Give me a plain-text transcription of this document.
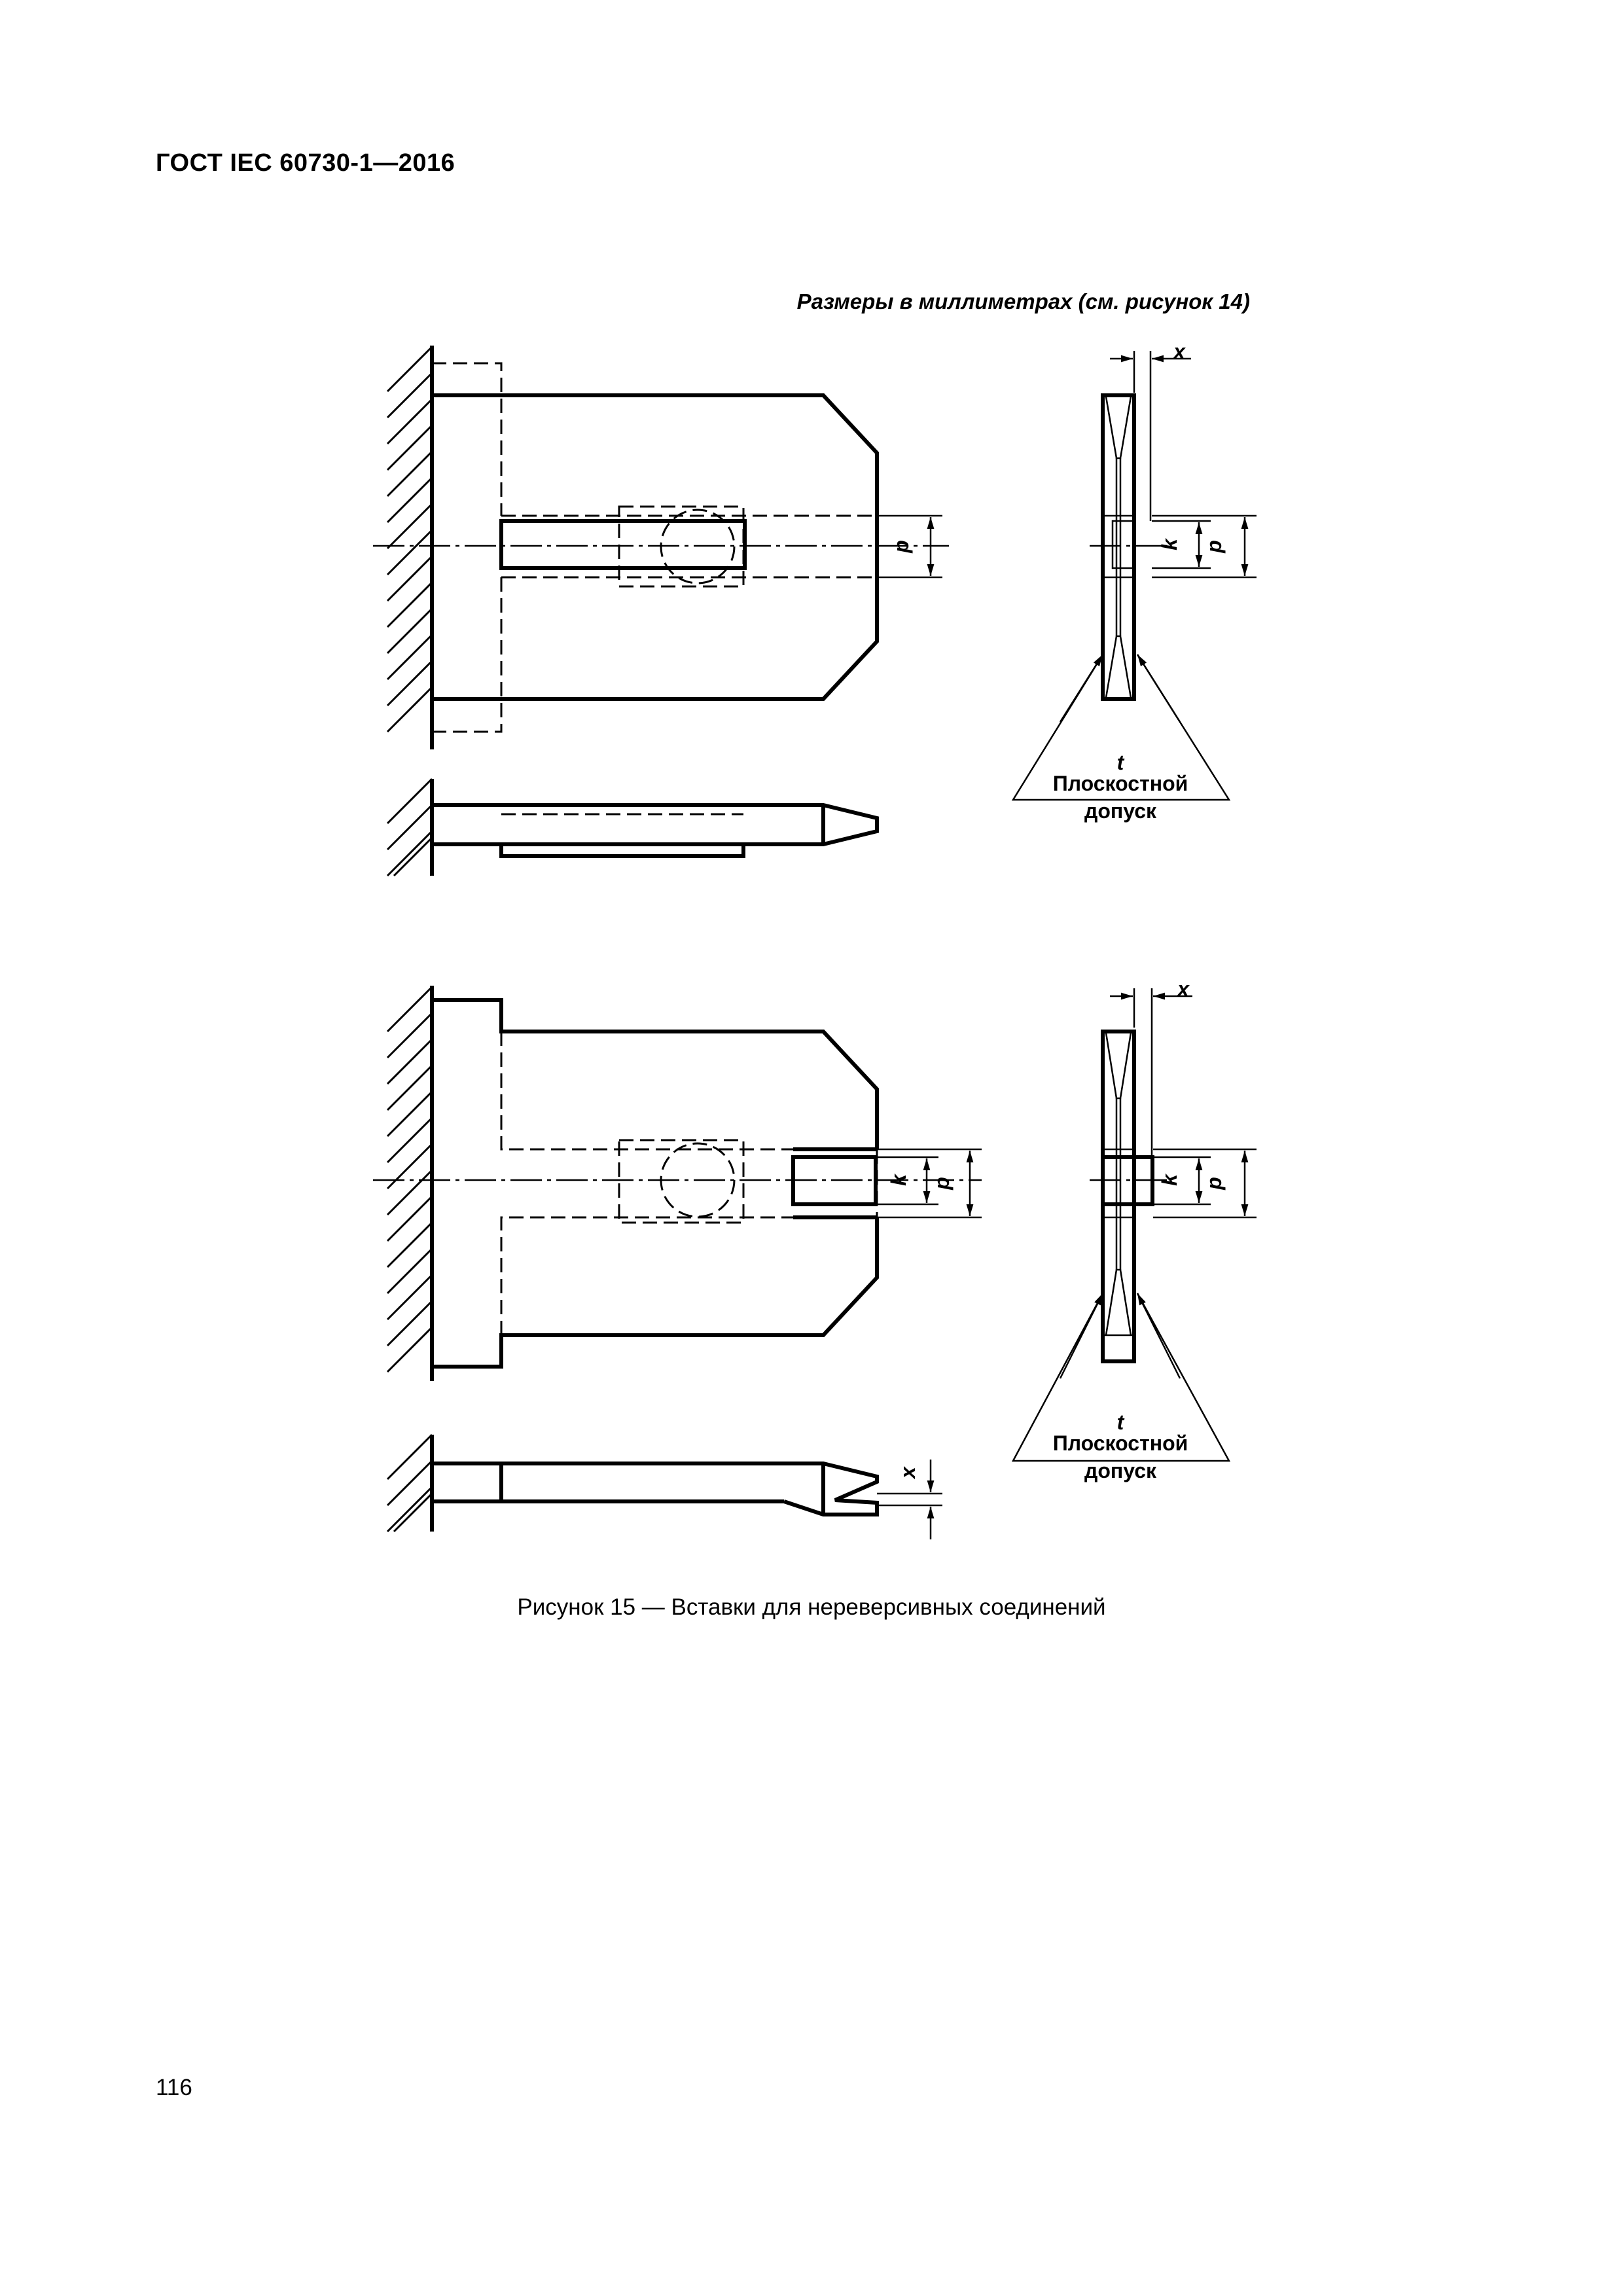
ГОСТ IEC 60730-1—2016
Размеры в миллиметрах (см. рисунок 14)
p
x
k p
t
Плоскостной
допуск
k p
x
x
k p
t
Плоскостной
допуск
Рисунок 15 — Вставки для нереверсивных соединений
116
